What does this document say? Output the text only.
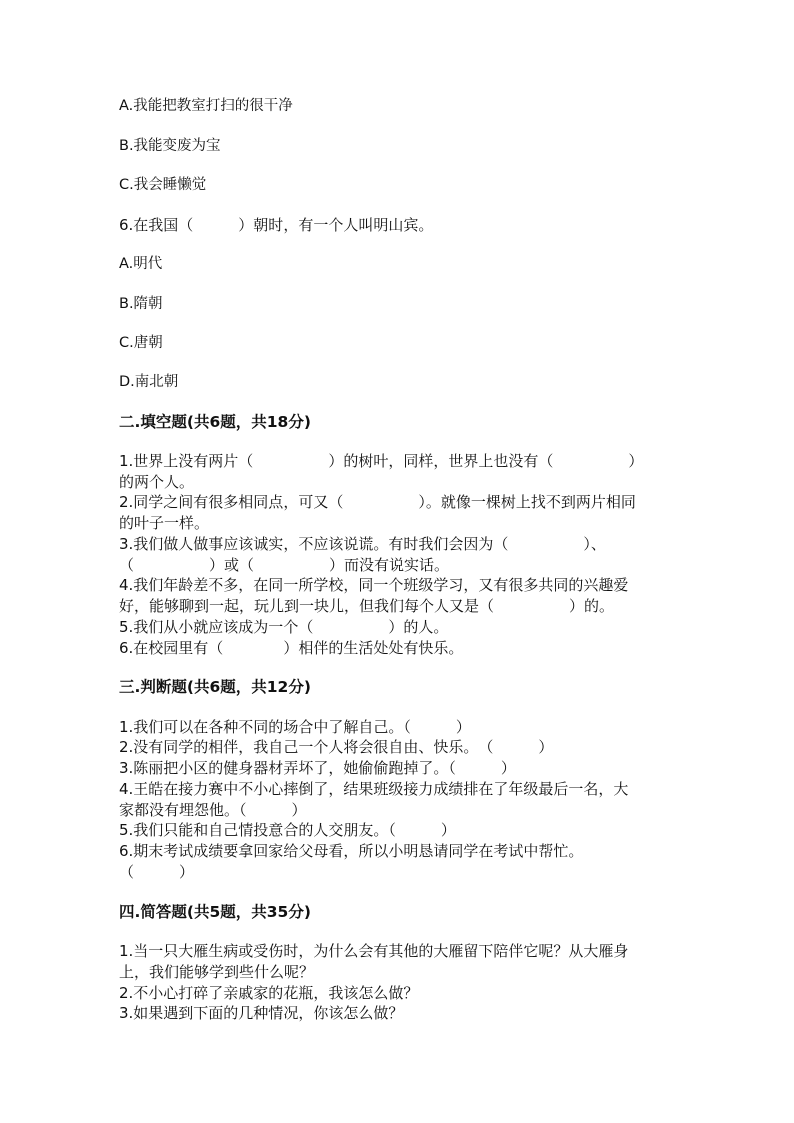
A.我能把教室打扫的很干净
B.我能变废为宝
C.我会睡懒觉
6.在我国（　　　）朝时，有一个人叫明山宾。
A.明代
B.隋朝
C.唐朝
D.南北朝
二.填空题(共6题，共18分)
1.世界上没有两片（　　　　　）的树叶，同样，世界上也没有（　　　　　）
的两个人。
2.同学之间有很多相同点，可又（　　　　　）。就像一棵树上找不到两片相同
的叶子一样。
3.我们做人做事应该诚实，不应该说谎。有时我们会因为（　　　　　）、
（　　　　　）或（　　　　　）而没有说实话。
4.我们年龄差不多，在同一所学校，同一个班级学习，又有很多共同的兴趣爱
好，能够聊到一起，玩儿到一块儿，但我们每个人又是（　　　　　）的。
5.我们从小就应该成为一个（　　　　　）的人。
6.在校园里有（　　　　）相伴的生活处处有快乐。
三.判断题(共6题，共12分)
1.我们可以在各种不同的场合中了解自己。（　　　）
2.没有同学的相伴，我自己一个人将会很自由、快乐。　（　　　）
3.陈丽把小区的健身器材弄坏了，她偷偷跑掉了。（　　　）
4.王皓在接力赛中不小心摔倒了，结果班级接力成绩排在了年级最后一名，大
家都没有埋怨他。（　　　）
5.我们只能和自己情投意合的人交朋友。（　　　）
6.期末考试成绩要拿回家给父母看，所以小明恳请同学在考试中帮忙。
（　　　）
四.简答题(共5题，共35分)
1.当一只大雁生病或受伤时，为什么会有其他的大雁留下陪伴它呢？从大雁身
上，我们能够学到些什么呢？
2.不小心打碎了亲戚家的花瓶，我该怎么做？
3.如果遇到下面的几种情况，你该怎么做？
